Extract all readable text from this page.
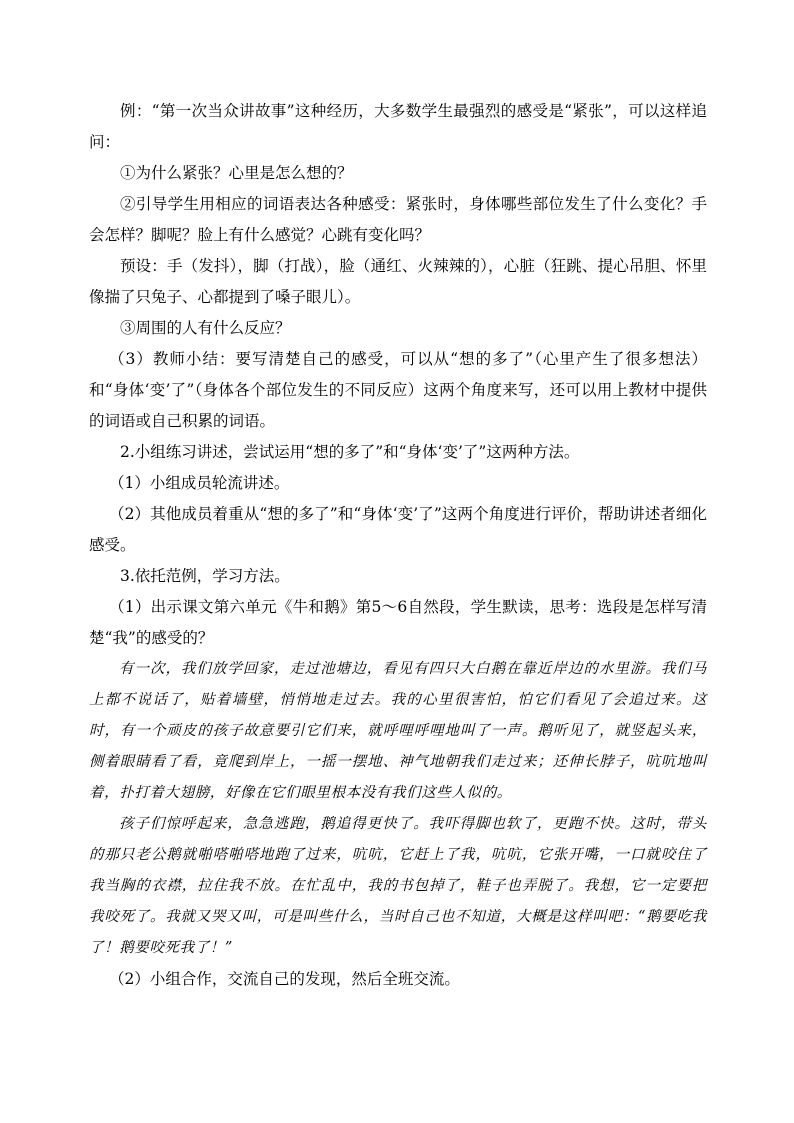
例：“第一次当众讲故事”这种经历，大多数学生最强烈的感受是“紧张”，可以这样追问：

①为什么紧张？心里是怎么想的？

②引导学生用相应的词语表达各种感受：紧张时，身体哪些部位发生了什么变化？手会怎样？脚呢？脸上有什么感觉？心跳有变化吗？

预设：手（发抖），脚（打战），脸（通红、火辣辣的），心脏（狂跳、提心吊胆、怀里像揣了只兔子、心都提到了嗓子眼儿）。

③周围的人有什么反应？

（3）教师小结：要写清楚自己的感受，可以从“想的多了”（心里产生了很多想法）和“身体‘变’了”（身体各个部位发生的不同反应）这两个角度来写，还可以用上教材中提供的词语或自己积累的词语。

2.小组练习讲述，尝试运用“想的多了”和“身体‘变’了”这两种方法。

（1）小组成员轮流讲述。

（2）其他成员着重从“想的多了”和“身体‘变’了”这两个角度进行评价，帮助讲述者细化感受。

3.依托范例，学习方法。

（1）出示课文第六单元《牛和鹅》第5～6自然段，学生默读，思考：选段是怎样写清楚“我”的感受的？

有一次，我们放学回家，走过池塘边，看见有四只大白鹅在靠近岸边的水里游。我们马上都不说话了，贴着墙壁，悄悄地走过去。我的心里很害怕，怕它们看见了会追过来。这时，有一个顽皮的孩子故意要引它们来，就呼哩呼哩地叫了一声。鹅听见了，就竖起头来，侧着眼睛看了看，竟爬到岸上，一摇一摆地、神气地朝我们走过来；还伸长脖子，吭吭地叫着，扑打着大翅膀，好像在它们眼里根本没有我们这些人似的。

孩子们惊呼起来，急急逃跑，鹅追得更快了。我吓得脚也软了，更跑不快。这时，带头的那只老公鹅就啪嗒啪嗒地跑了过来，吭吭，它赶上了我，吭吭，它张开嘴，一口就咬住了我当胸的衣襟，拉住我不放。在忙乱中，我的书包掉了，鞋子也弄脱了。我想，它一定要把我咬死了。我就又哭又叫，可是叫些什么，当时自己也不知道，大概是这样叫吧：“鹅要吃我了！鹅要咬死我了！”

（2）小组合作，交流自己的发现，然后全班交流。
